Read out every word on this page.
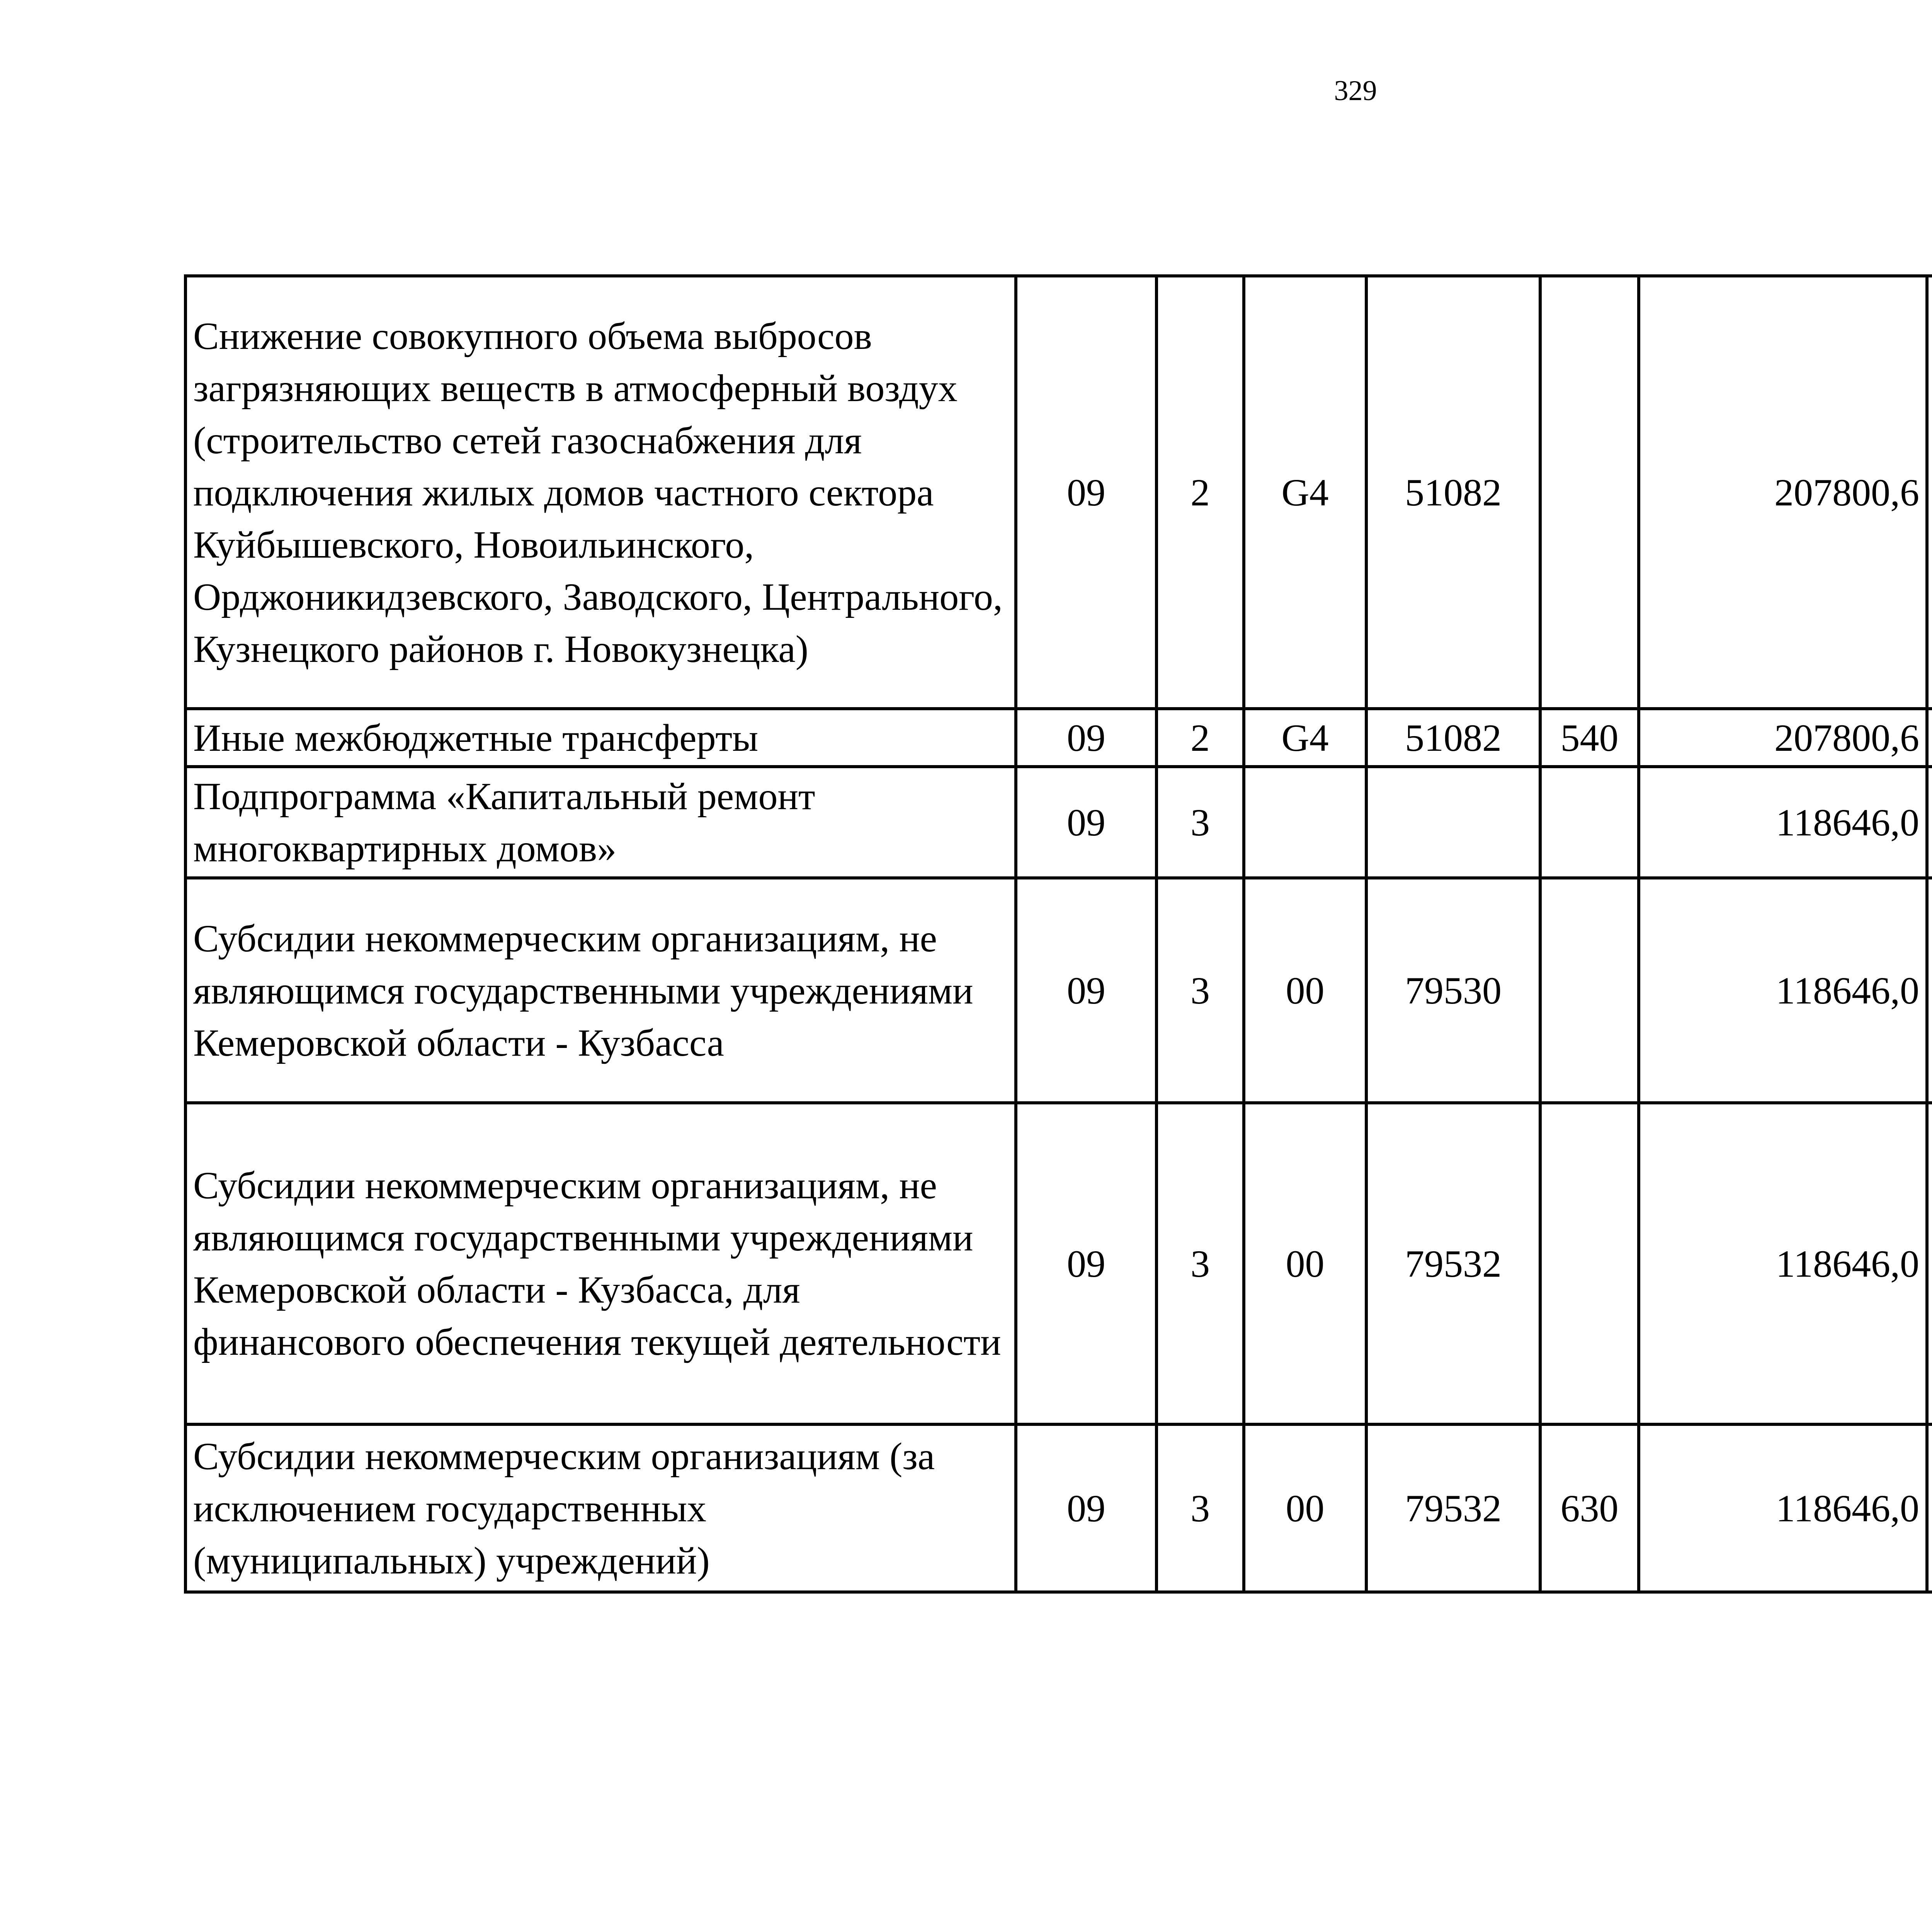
329
Снижение совокупного объема выбросов загрязняющих веществ в атмосферный воздух (строительство сетей газоснабжения для подключения жилых домов частного сектора Куйбышевского, Новоильинского, Орджоникидзевского, Заводского, Центрального, Кузнецкого районов г. Новокузнецка)	09	2	G4	51082		207800,6		
Иные межбюджетные трансферты	09	2	G4	51082	540	207800,6		
Подпрограмма «Капитальный ремонт многоквартирных домов»	09	3				118646,0		
Субсидии некоммерческим организациям, не являющимся государственными учреждениями Кемеровской области - Кузбасса	09	3	00	79530		118646,0		
Субсидии некоммерческим организациям, не являющимся государственными учреждениями Кемеровской области - Кузбасса, для финансового обеспечения текущей деятельности	09	3	00	79532		118646,0		
Субсидии некоммерческим организациям (за исключением государственных (муниципальных) учреждений)	09	3	00	79532	630	118646,0		
